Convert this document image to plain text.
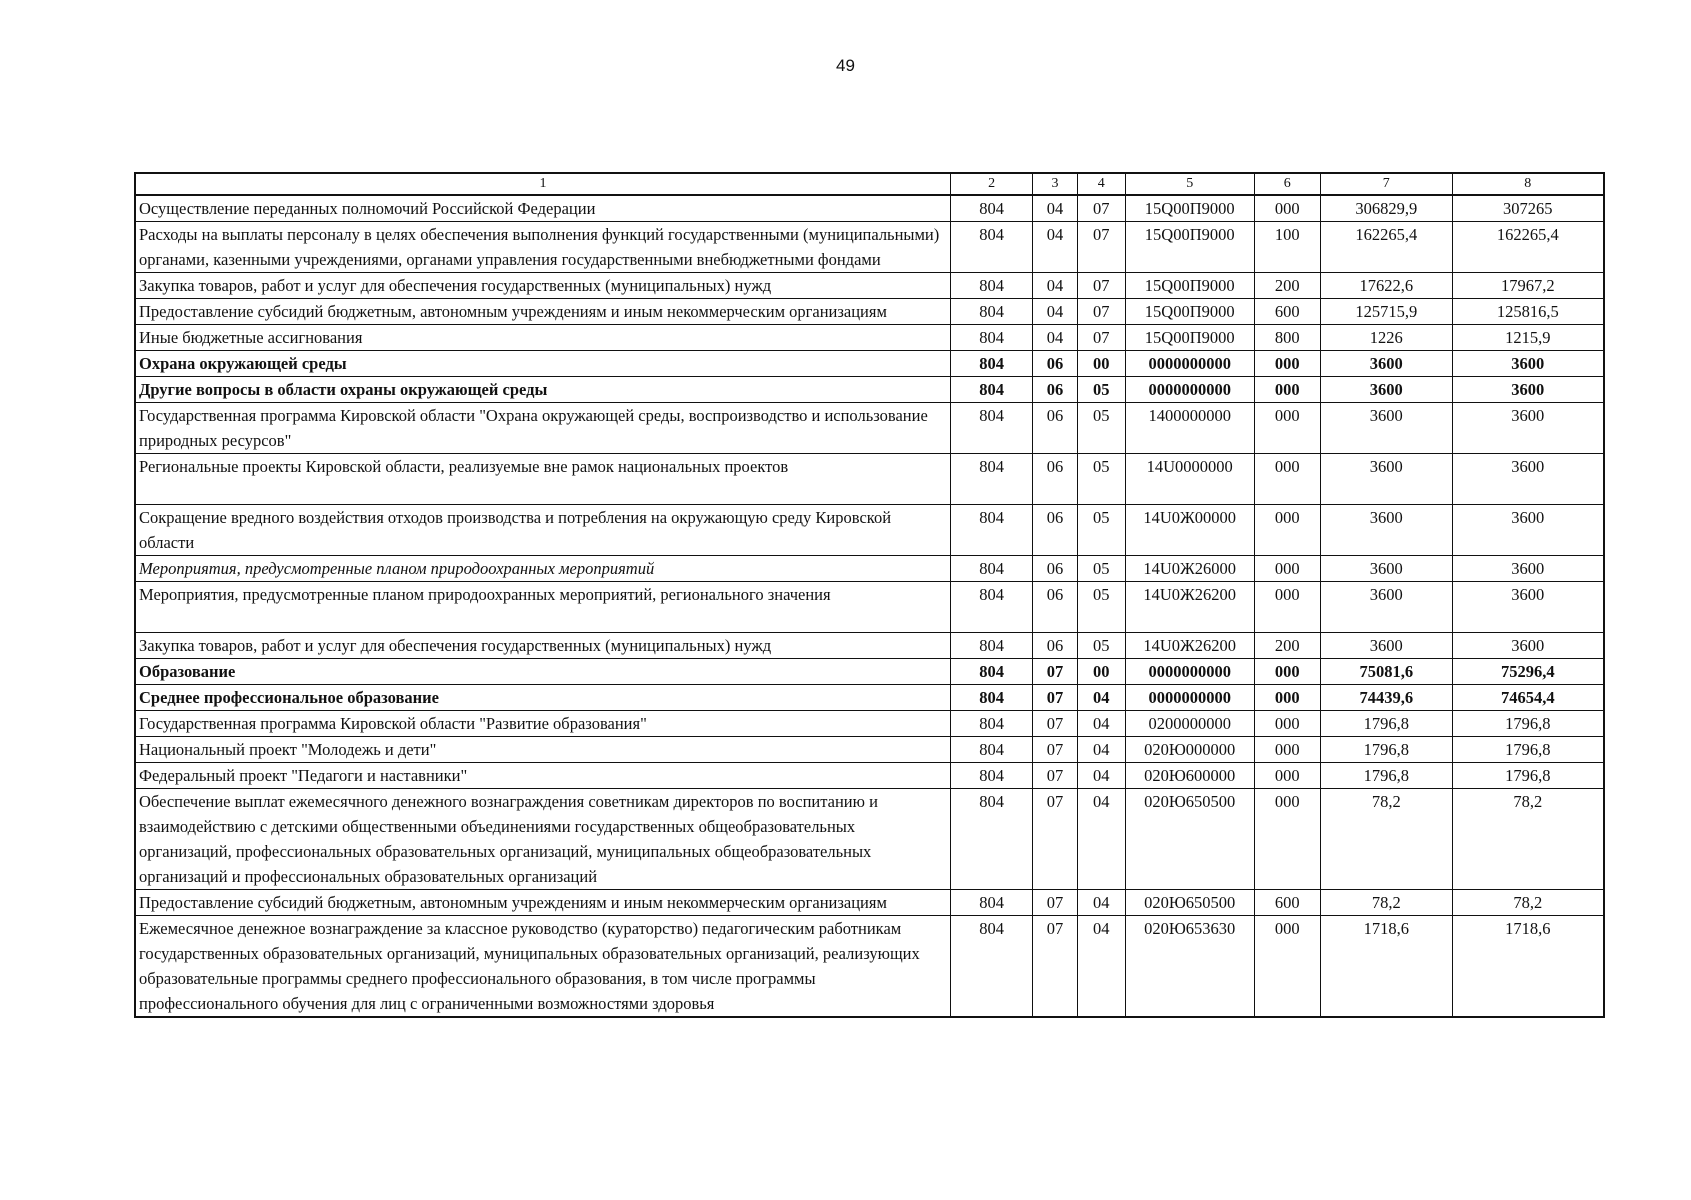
49
1	2	3	4	5	6	7	8
Осуществление переданных полномочий Российской Федерации	804	04	07	15Q00П9000	000	306829,9	307265
Расходы на выплаты персоналу в целях обеспечения выполнения функций государственными (муниципальными) органами, казенными учреждениями, органами управления государственными внебюджетными фондами	804	04	07	15Q00П9000	100	162265,4	162265,4
Закупка товаров, работ и услуг для обеспечения государственных (муниципальных) нужд	804	04	07	15Q00П9000	200	17622,6	17967,2
Предоставление субсидий бюджетным, автономным учреждениям и иным некоммерческим организациям	804	04	07	15Q00П9000	600	125715,9	125816,5
Иные бюджетные ассигнования	804	04	07	15Q00П9000	800	1226	1215,9
Охрана окружающей среды	804	06	00	0000000000	000	3600	3600
Другие вопросы в области охраны окружающей среды	804	06	05	0000000000	000	3600	3600
Государственная программа Кировской области "Охрана окружающей среды, воспроизводство и использование природных ресурсов"	804	06	05	1400000000	000	3600	3600
Региональные проекты Кировской области, реализуемые вне рамок национальных проектов	804	06	05	14U0000000	000	3600	3600
Сокращение вредного воздействия отходов производства и потребления на окружающую среду Кировской области	804	06	05	14U0Ж00000	000	3600	3600
Мероприятия, предусмотренные планом природоохранных мероприятий	804	06	05	14U0Ж26000	000	3600	3600
Мероприятия, предусмотренные планом природоохранных мероприятий, регионального значения	804	06	05	14U0Ж26200	000	3600	3600
Закупка товаров, работ и услуг для обеспечения государственных (муниципальных) нужд	804	06	05	14U0Ж26200	200	3600	3600
Образование	804	07	00	0000000000	000	75081,6	75296,4
Среднее профессиональное образование	804	07	04	0000000000	000	74439,6	74654,4
Государственная программа Кировской области "Развитие образования"	804	07	04	0200000000	000	1796,8	1796,8
Национальный проект "Молодежь и дети"	804	07	04	020Ю000000	000	1796,8	1796,8
Федеральный проект "Педагоги и наставники"	804	07	04	020Ю600000	000	1796,8	1796,8
Обеспечение выплат ежемесячного денежного вознаграждения советникам директоров по воспитанию и взаимодействию с детскими общественными объединениями государственных общеобразовательных организаций, профессиональных образовательных организаций, муниципальных общеобразовательных организаций и профессиональных образовательных организаций	804	07	04	020Ю650500	000	78,2	78,2
Предоставление субсидий бюджетным, автономным учреждениям и иным некоммерческим организациям	804	07	04	020Ю650500	600	78,2	78,2
Ежемесячное денежное вознаграждение за классное руководство (кураторство) педагогическим работникам государственных образовательных организаций, муниципальных образовательных организаций, реализующих образовательные программы среднего профессионального образования, в том числе программы профессионального обучения для лиц с ограниченными возможностями здоровья	804	07	04	020Ю653630	000	1718,6	1718,6
